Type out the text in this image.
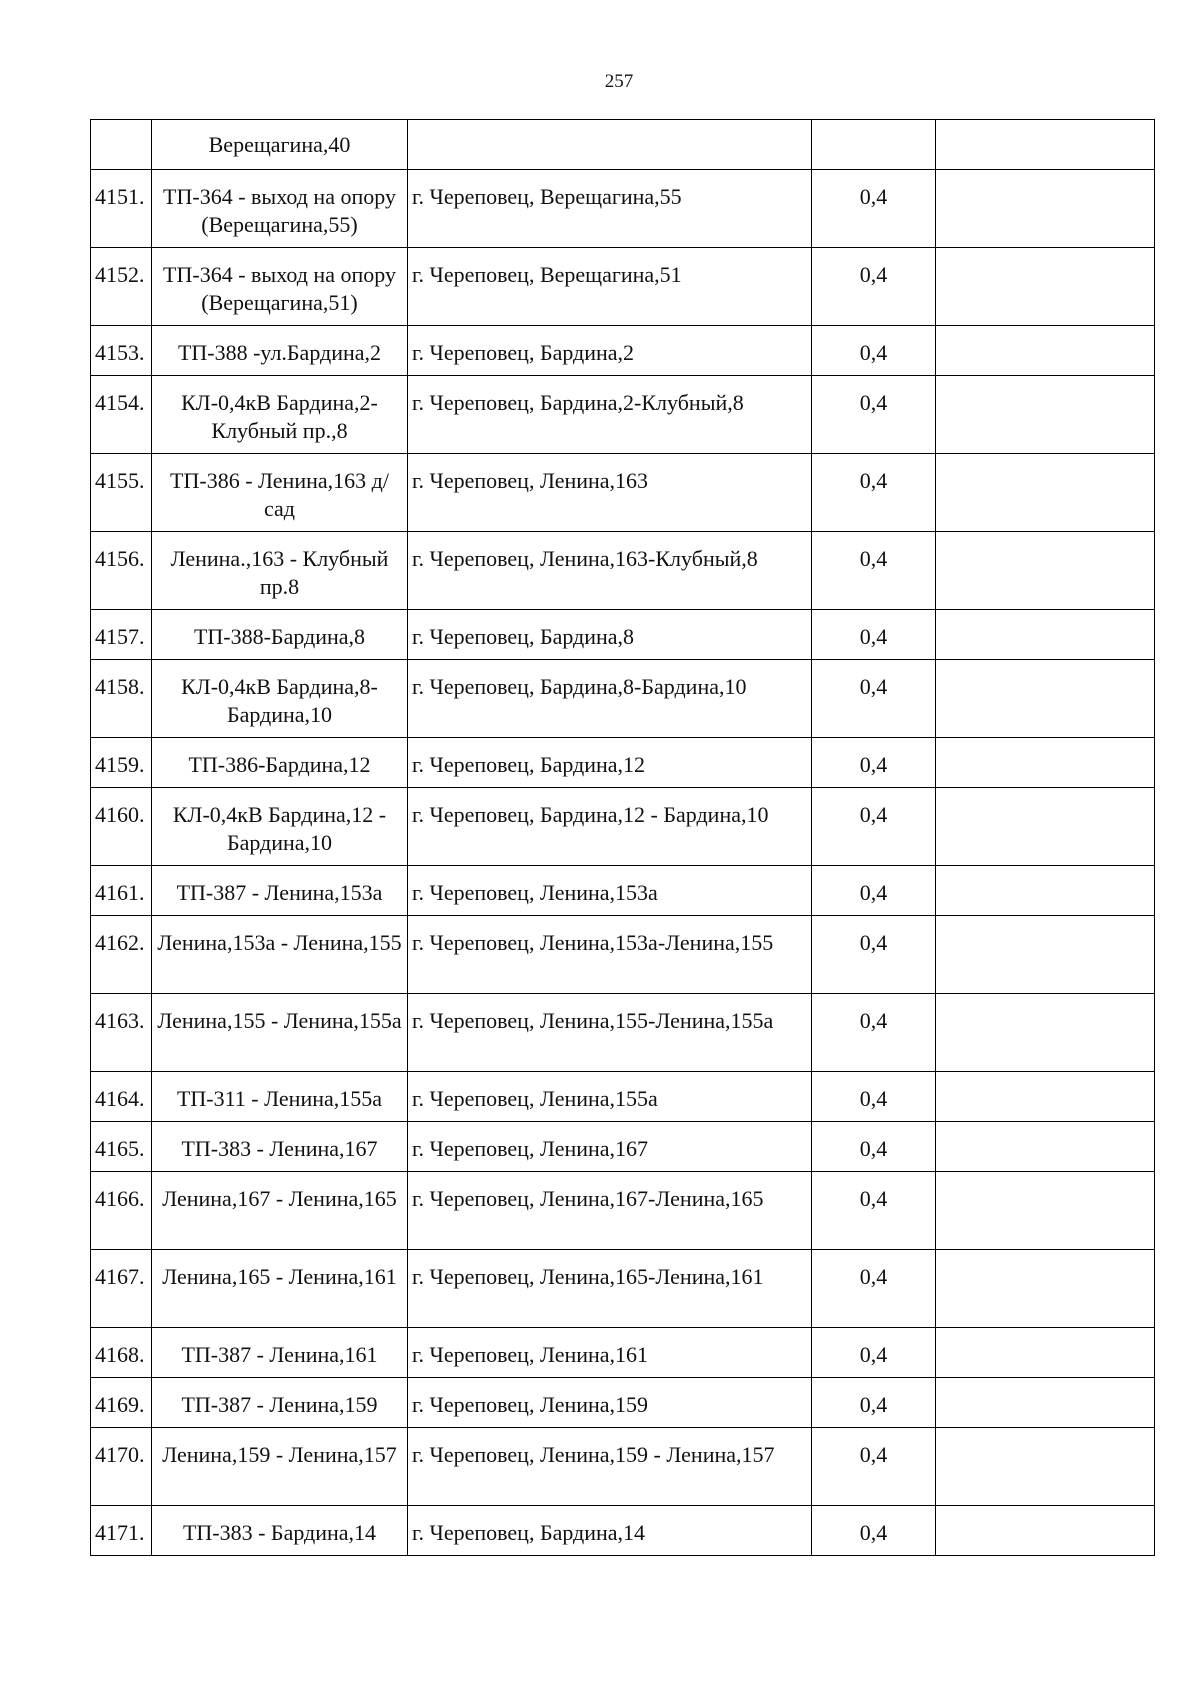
257
	Верещагина,40			
4151.	ТП-364 - выход на опору (Верещагина,55)	г. Череповец, Верещагина,55	0,4	
4152.	ТП-364 - выход на опору (Верещагина,51)	г. Череповец, Верещагина,51	0,4	
4153.	ТП-388 -ул.Бардина,2	г. Череповец, Бардина,2	0,4	
4154.	КЛ-0,4кВ Бардина,2-Клубный пр.,8	г. Череповец, Бардина,2-Клубный,8	0,4	
4155.	ТП-386 - Ленина,163 д/сад	г. Череповец, Ленина,163	0,4	
4156.	Ленина.,163 - Клубный пр.8	г. Череповец, Ленина,163-Клубный,8	0,4	
4157.	ТП-388-Бардина,8	г. Череповец, Бардина,8	0,4	
4158.	КЛ-0,4кВ Бардина,8-Бардина,10	г. Череповец, Бардина,8-Бардина,10	0,4	
4159.	ТП-386-Бардина,12	г. Череповец, Бардина,12	0,4	
4160.	КЛ-0,4кВ Бардина,12 - Бардина,10	г. Череповец, Бардина,12 - Бардина,10	0,4	
4161.	ТП-387 - Ленина,153а	г. Череповец, Ленина,153а	0,4	
4162.	Ленина,153а - Ленина,155	г. Череповец, Ленина,153а-Ленина,155	0,4	
4163.	Ленина,155 - Ленина,155а	г. Череповец, Ленина,155-Ленина,155а	0,4	
4164.	ТП-311 - Ленина,155а	г. Череповец, Ленина,155а	0,4	
4165.	ТП-383 - Ленина,167	г. Череповец, Ленина,167	0,4	
4166.	Ленина,167 - Ленина,165	г. Череповец, Ленина,167-Ленина,165	0,4	
4167.	Ленина,165 - Ленина,161	г. Череповец, Ленина,165-Ленина,161	0,4	
4168.	ТП-387 - Ленина,161	г. Череповец, Ленина,161	0,4	
4169.	ТП-387 - Ленина,159	г. Череповец, Ленина,159	0,4	
4170.	Ленина,159 - Ленина,157	г. Череповец, Ленина,159 - Ленина,157	0,4	
4171.	ТП-383 - Бардина,14	г. Череповец, Бардина,14	0,4	
